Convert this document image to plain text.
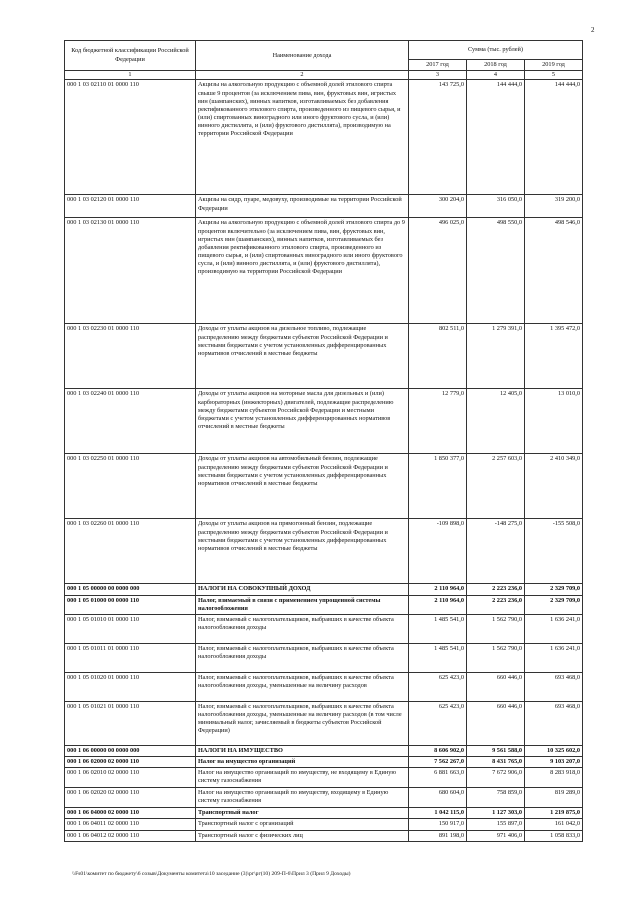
2
Код бюджетной классификации Российской Федерации	Наименование дохода	Сумма (тыс. рублей)		
		2017 год	2018 год	2019 год
1	2	3	4	5
000 1 03 02110 01 0000 110	Акцизы на алкогольную продукцию с объемной долей этилового спирта свыше 9 процентов (за исключением пива, вин, фруктовых вин, игристых вин (шампанских), винных напитков, изготавливаемых без добавления ректификованного этилового спирта, произведенного из пищевого сырья, и (или) спиртованных виноградного или иного фруктового сусла, и (или) винного дистиллята, и (или) фруктового дистиллята), производимую на территории Российской Федерации	143 725,0	144 444,0	144 444,0
000 1 03 02120 01 0000 110	Акцизы на сидр, пуаре, медовуху, производимые на территории Российской Федерации	300 204,0	316 050,0	319 200,0
000 1 03 02130 01 0000 110	Акцизы на алкогольную продукцию с объемной долей этилового спирта до 9 процентов включительно (за исключением пива, вин, фруктовых вин, игристых вин (шампанских), винных напитков, изготавливаемых без добавления ректификованного этилового спирта, произведенного из пищевого сырья, и (или) спиртованных виноградного или иного фруктового сусла, и (или) винного дистиллята, и (или) фруктового дистиллята), производимую на территории Российской Федерации	496 025,0	498 550,0	498 546,0
000 1 03 02230 01 0000 110	Доходы от уплаты акцизов на дизельное топливо, подлежащие распределению между бюджетами субъектов Российской Федерации и местными бюджетами с учетом установленных дифференцированных нормативов отчислений в местные бюджеты	802 511,0	1 279 391,0	1 395 472,0
000 1 03 02240 01 0000 110	Доходы от уплаты акцизов на моторные масла для дизельных и (или) карбюраторных (инжекторных) двигателей, подлежащие распределению между бюджетами субъектов Российской Федерации и местными бюджетами с учетом установленных дифференцированных нормативов отчислений в местные бюджеты	12 779,0	12 405,0	13 010,0
000 1 03 02250 01 0000 110	Доходы от уплаты акцизов на автомобильный бензин, подлежащие распределению между бюджетами субъектов Российской Федерации и местными бюджетами с учетом установленных дифференцированных нормативов отчислений в местные бюджеты	1 850 377,0	2 257 603,0	2 410 349,0
000 1 03 02260 01 0000 110	Доходы от уплаты акцизов на прямогонный бензин, подлежащие распределению между бюджетами субъектов Российской Федерации и местными бюджетами с учетом установленных дифференцированных нормативов отчислений в местные бюджеты	-109 898,0	-148 275,0	-155 508,0
000 1 05 00000 00 0000 000	НАЛОГИ НА СОВОКУПНЫЙ ДОХОД	2 110 964,0	2 223 236,0	2 329 709,0
000 1 05 01000 00 0000 110	Налог, взимаемый в связи с применением упрощенной системы налогообложения	2 110 964,0	2 223 236,0	2 329 709,0
000 1 05 01010 01 0000 110	Налог, взимаемый с налогоплательщиков, выбравших в качестве объекта налогообложения доходы	1 485 541,0	1 562 790,0	1 636 241,0
000 1 05 01011 01 0000 110	Налог, взимаемый с налогоплательщиков, выбравших в качестве объекта налогообложения доходы	1 485 541,0	1 562 790,0	1 636 241,0
000 1 05 01020 01 0000 110	Налог, взимаемый с налогоплательщиков, выбравших в качестве объекта налогообложения доходы, уменьшенные на величину расходов	625 423,0	660 446,0	693 468,0
000 1 05 01021 01 0000 110	Налог, взимаемый с налогоплательщиков, выбравших в качестве объекта налогообложения доходы, уменьшенные на величину расходов (в том числе минимальный налог, зачисляемый в бюджеты субъектов Российской Федерации)	625 423,0	660 446,0	693 468,0
000 1 06 00000 00 0000 000	НАЛОГИ НА ИМУЩЕСТВО	8 606 902,0	9 561 588,0	10 325 602,0
000 1 06 02000 02 0000 110	Налог на имущество организаций	7 562 267,0	8 431 765,0	9 103 207,0
000 1 06 02010 02 0000 110	Налог на имущество организаций по имуществу, не входящему в Единую систему газоснабжения	6 881 663,0	7 672 906,0	8 283 918,0
000 1 06 02020 02 0000 110	Налог на имущество организаций по имуществу, входящему в Единую систему газоснабжения	680 604,0	758 859,0	819 289,0
000 1 06 04000 02 0000 110	Транспортный налог	1 042 115,0	1 127 303,0	1 219 875,0
000 1 06 04011 02 0000 110	Транспортный налог с организаций	150 917,0	155 897,0	161 042,0
000 1 06 04012 02 0000 110	Транспортный налог с физических лиц	891 198,0	971 406,0	1 058 833,0
\\Fs01\комитет по бюджету\6 созыв\Документы комитета\10 заседание (3)\рг\рг(10) 209-П-6\Прил 3 (Прил 9 Доходы)
